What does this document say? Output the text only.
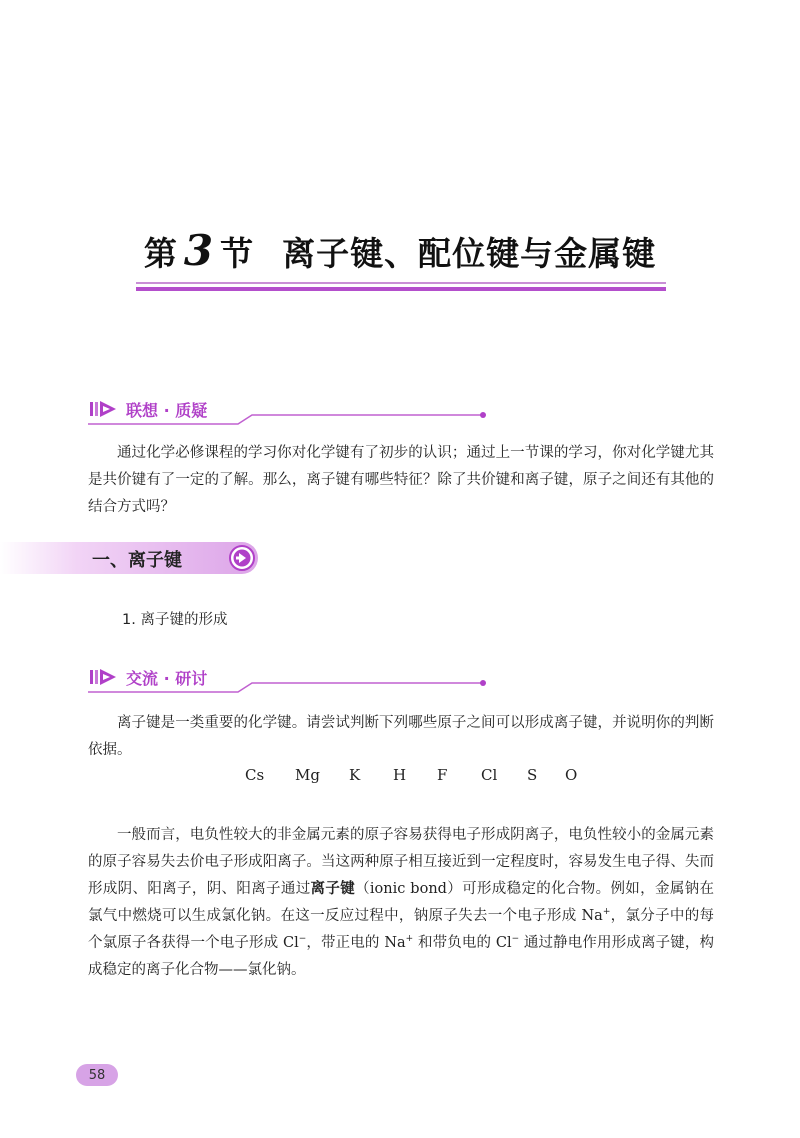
第 3 节 离子键、配位键与金属键
联想 · 质疑
通过化学必修课程的学习你对化学键有了初步的认识；通过上一节课的学习，你对化学键尤其是共价键有了一定的了解。那么，离子键有哪些特征？除了共价键和离子键，原子之间还有其他的结合方式吗？
一、离子键
1. 离子键的形成
交流 · 研讨
离子键是一类重要的化学键。请尝试判断下列哪些原子之间可以形成离子键，并说明你的判断依据。
Cs	Mg	K	H	F	Cl	S	O
一般而言，电负性较大的非金属元素的原子容易获得电子形成阴离子，电负性较小的金属元素的原子容易失去价电子形成阳离子。当这两种原子相互接近到一定程度时，容易发生电子得、失而形成阴、阳离子，阴、阳离子通过离子键（ionic bond）可形成稳定的化合物。例如，金属钠在氯气中燃烧可以生成氯化钠。在这一反应过程中，钠原子失去一个电子形成 Na+，氯分子中的每个氯原子各获得一个电子形成 Cl−，带正电的 Na+ 和带负电的 Cl− 通过静电作用形成离子键，构成稳定的离子化合物——氯化钠。
58
